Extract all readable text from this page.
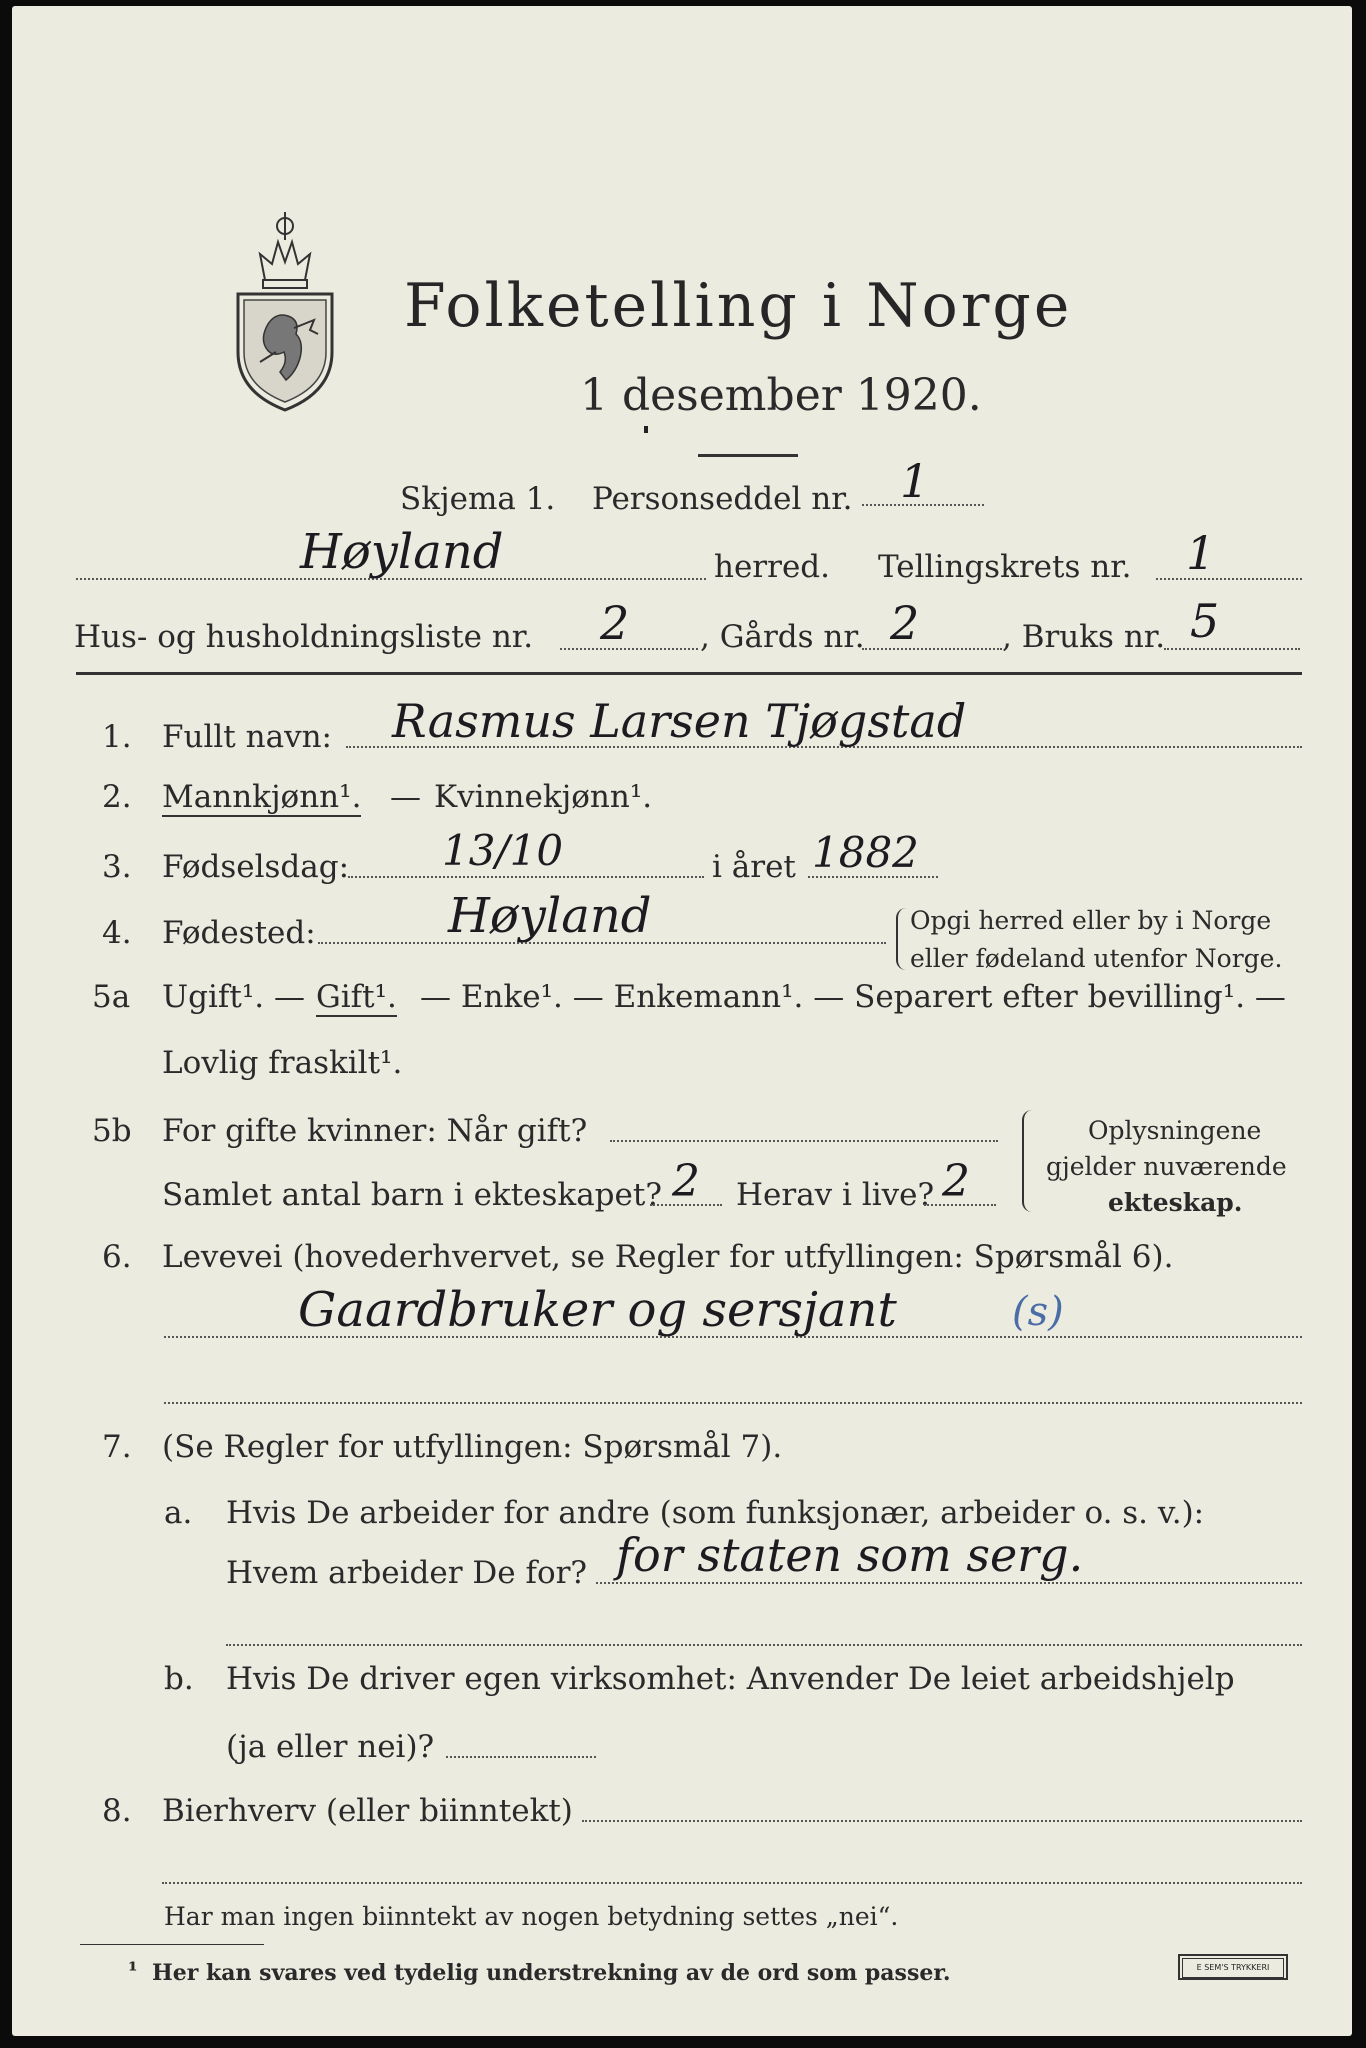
Folketelling i Norge
1 desember 1920.
Skjema 1. Personseddel nr. 1
Høyland	herred. Tellingskrets nr. 1
Hus- og husholdningsliste nr. 2 , Gårds nr. 2	, Bruks nr. 5
1. Fullt navn: Rasmus Larsen Tjøgstad
2. Mannkjønn¹. — Kvinnekjønn¹.
3. Fødselsdag: 13/10	i året 1882
4. Fødested:	Høyland	Opgi herred eller by i Norge
eller fødeland utenfor Norge.
5a Ugift¹. — Gift¹. — Enke¹. — Enkemann¹. — Separert efter bevilling¹. —
Lovlig fraskilt¹.
5b For gifte kvinner: Når gift?
Samlet antal barn i ekteskapet? 2 Herav i live? 2
Oplysningene
gjelder nuværende
ekteskap.
6. Levevei (hovederhvervet, se Regler for utfyllingen: Spørsmål 6).
Gaardbruker og sersjant	(s)
7. (Se Regler for utfyllingen: Spørsmål 7).
a. Hvis De arbeider for andre (som funksjonær, arbeider o. s. v.):
Hvem arbeider De for? for staten som serg.
b. Hvis De driver egen virksomhet: Anvender De leiet arbeidshjelp
(ja eller nei)?
8. Bierhverv (eller biinntekt)
Har man ingen biinntekt av nogen betydning settes „nei“.
¹ Her kan svares ved tydelig understrekning av de ord som passer.	E SEM'S TRYKKERI
